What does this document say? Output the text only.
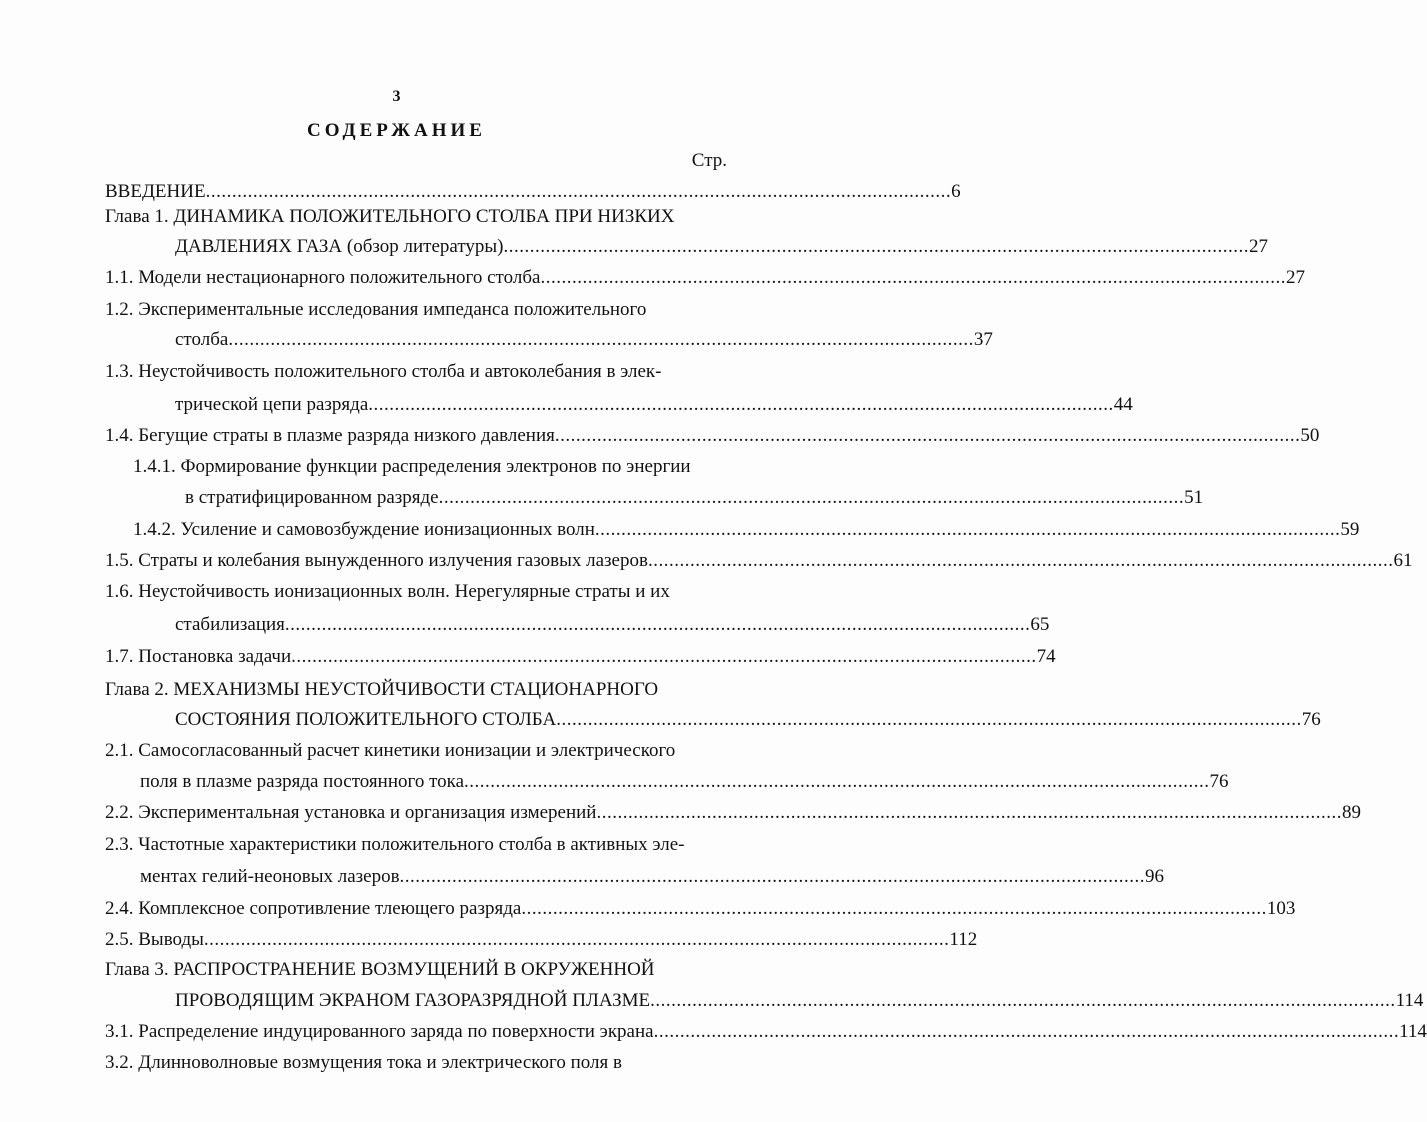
3
СОДЕРЖАНИЕ
Стр.
ВВЕДЕНИЕ .............................................................................................................................................. 6
Глава 1. ДИНАМИКА ПОЛОЖИТЕЛЬНОГО СТОЛБА ПРИ НИЗКИХ
ДАВЛЕНИЯХ ГАЗА (обзор литературы) .............................................................................................................................................. 27
1.1. Модели нестационарного положительного столба .............................................................................................................................................. 27
1.2. Экспериментальные исследования импеданса положительного
столба .............................................................................................................................................. 37
1.3. Неустойчивость положительного столба и автоколебания в элек-
трической цепи разряда .............................................................................................................................................. 44
1.4. Бегущие страты в плазме разряда низкого давления .............................................................................................................................................. 50
1.4.1. Формирование функции распределения электронов по энергии
в стратифицированном разряде .............................................................................................................................................. 51
1.4.2. Усиление и самовозбуждение ионизационных волн .............................................................................................................................................. 59
1.5. Страты и колебания вынужденного излучения газовых лазеров .............................................................................................................................................. 61
1.6. Неустойчивость ионизационных волн. Нерегулярные страты и их
стабилизация .............................................................................................................................................. 65
1.7. Постановка задачи .............................................................................................................................................. 74
Глава 2. МЕХАНИЗМЫ НЕУСТОЙЧИВОСТИ СТАЦИОНАРНОГО
СОСТОЯНИЯ ПОЛОЖИТЕЛЬНОГО СТОЛБА .............................................................................................................................................. 76
2.1. Самосогласованный расчет кинетики ионизации и электрического
поля в плазме разряда постоянного тока .............................................................................................................................................. 76
2.2. Экспериментальная установка и организация измерений .............................................................................................................................................. 89
2.3. Частотные характеристики положительного столба в активных эле-
ментах гелий-неоновых лазеров .............................................................................................................................................. 96
2.4. Комплексное сопротивление тлеющего разряда .............................................................................................................................................. 103
2.5. Выводы .............................................................................................................................................. 112
Глава 3. РАСПРОСТРАНЕНИЕ ВОЗМУЩЕНИЙ В ОКРУЖЕННОЙ
ПРОВОДЯЩИМ ЭКРАНОМ ГАЗОРАЗРЯДНОЙ ПЛАЗМЕ .............................................................................................................................................. 114
3.1. Распределение индуцированного заряда по поверхности экрана .............................................................................................................................................. 114
3.2. Длинноволновые возмущения тока и электрического поля в
